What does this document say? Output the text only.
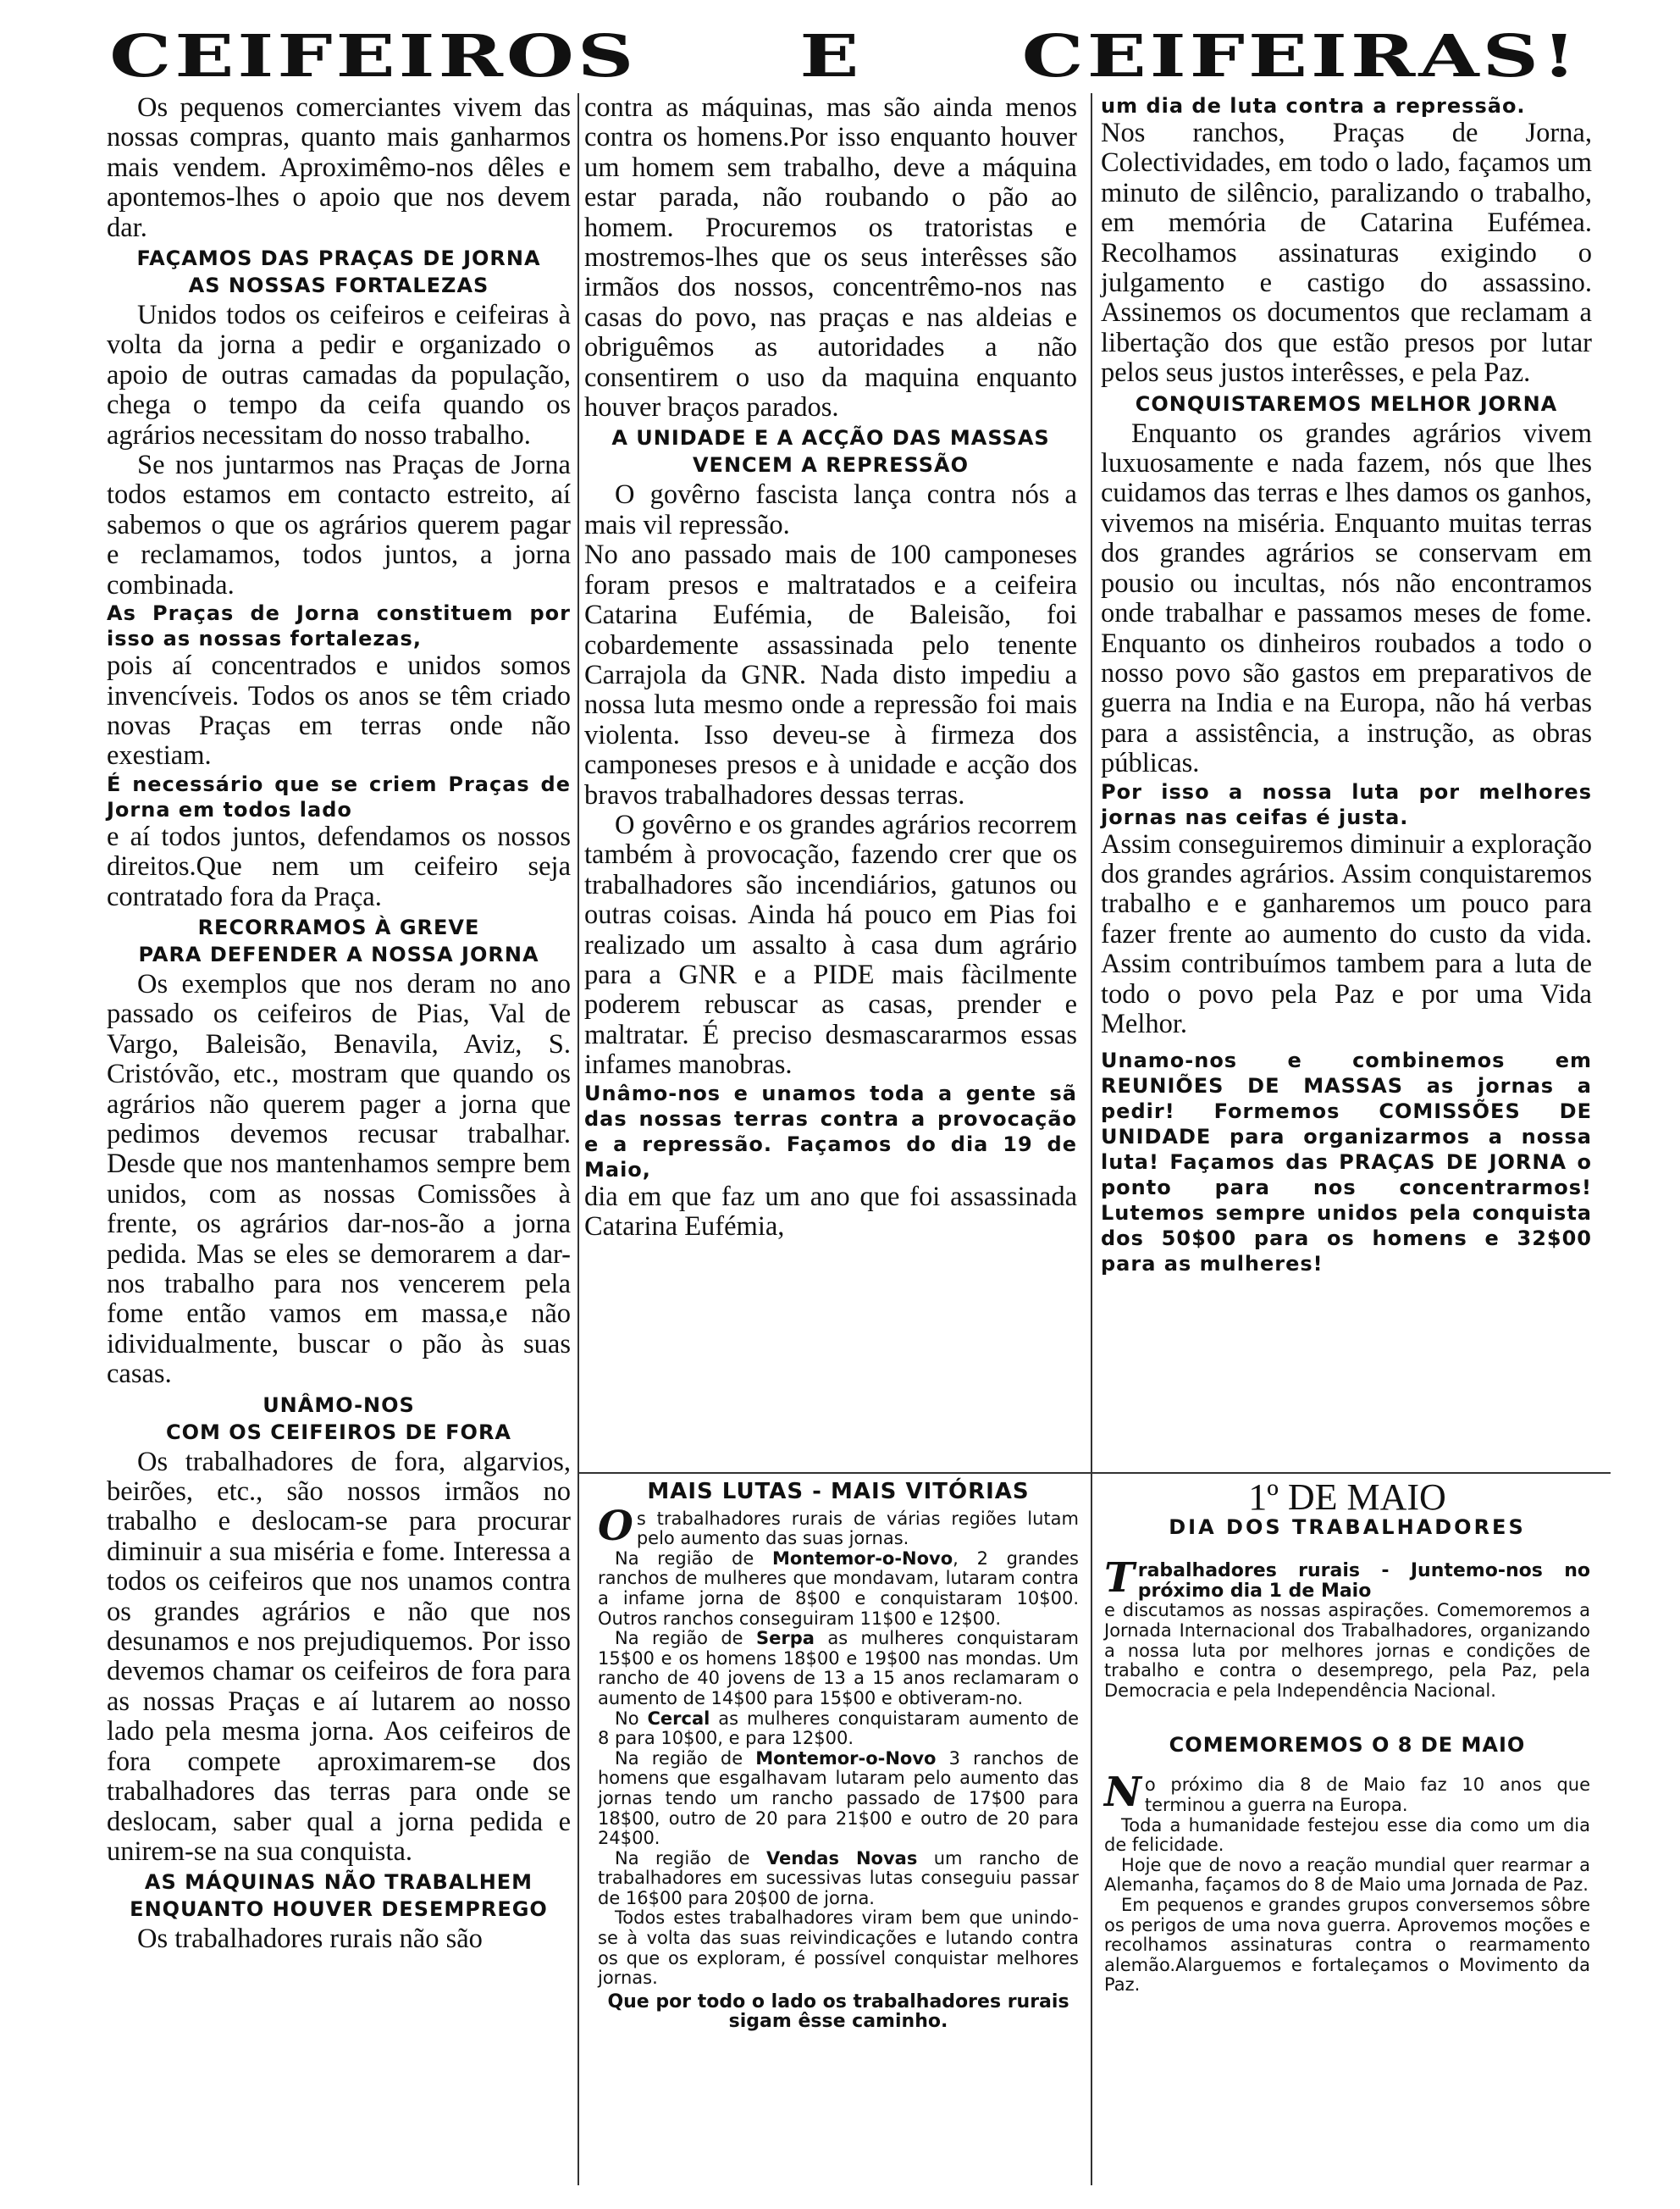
CEIFEIROS	E	CEIFEIRAS!

Os pequenos comerciantes vivem das nossas compras, quanto mais ganharmos mais vendem. Aproximêmo-nos dêles e apontemos-lhes o apoio que nos devem dar.

FAÇAMOS DAS PRAÇAS DE JORNA
AS NOSSAS FORTALEZAS

Unidos todos os ceifeiros e ceifeiras à volta da jorna a pedir e organizado o apoio de outras camadas da população, chega o tempo da ceifa quando os agrários necessitam do nosso trabalho.

Se nos juntarmos nas Praças de Jorna todos estamos em contacto estreito, aí sabemos o que os agrários querem pagar e reclamamos, todos juntos, a jorna combinada.

As Praças de Jorna constituem por isso as nossas fortalezas,

pois aí concentrados e unidos somos invencíveis. Todos os anos se têm criado novas Praças em terras onde não exestiam.

É necessário que se criem Praças de Jorna em todos lado

e aí todos juntos, defendamos os nossos direitos.Que nem um ceifeiro seja contratado fora da Praça.

RECORRAMOS À GREVE
PARA DEFENDER A NOSSA JORNA

Os exemplos que nos deram no ano passado os ceifeiros de Pias, Val de Vargo, Baleisão, Benavila, Aviz, S. Cristóvão, etc., mostram que quando os agrários não querem pager a jorna que pedimos devemos recusar trabalhar. Desde que nos mantenhamos sempre bem unidos, com as nossas Comissões à frente, os agrários dar-nos-ão a jorna pedida. Mas se eles se demorarem a dar-nos trabalho para nos vencerem pela fome então vamos em massa,e não idividualmente, buscar o pão às suas casas.

UNÂMO-NOS
COM OS CEIFEIROS DE FORA

Os trabalhadores de fora, algarvios, beirões, etc., são nossos irmãos no trabalho e deslocam-se para procurar diminuir a sua miséria e fome. Interessa a todos os ceifeiros que nos unamos contra os grandes agrários e não que nos desunamos e nos prejudiquemos. Por isso devemos chamar os ceifeiros de fora para as nossas Praças e aí lutarem ao nosso lado pela mesma jorna. Aos ceifeiros de fora compete aproximarem-se dos trabalhadores das terras para onde se deslocam, saber qual a jorna pedida e unirem-se na sua conquista.

AS MÁQUINAS NÃO TRABALHEM
ENQUANTO HOUVER DESEMPREGO

Os trabalhadores rurais não são

contra as máquinas, mas são ainda menos contra os homens.Por isso enquanto houver um homem sem trabalho, deve a máquina estar parada, não roubando o pão ao homem. Procuremos os tratoristas e mostremos-lhes que os seus interêsses são irmãos dos nossos, concentrêmo-nos nas casas do povo, nas praças e nas aldeias e obriguêmos as autoridades a não consentirem o uso da maquina enquanto houver braços parados.

A UNIDADE E A ACÇÃO DAS MASSAS
VENCEM A REPRESSÃO

O govêrno fascista lança contra nós a mais vil repressão.

No ano passado mais de 100 camponeses foram presos e maltratados e a ceifeira Catarina Eufémia, de Baleisão, foi cobardemente assassinada pelo tenente Carrajola da GNR. Nada disto impediu a nossa luta mesmo onde a repressão foi mais violenta. Isso deveu-se à firmeza dos camponeses presos e à unidade e acção dos bravos trabalhadores dessas terras.

O govêrno e os grandes agrários recorrem também à provocação, fazendo crer que os trabalhadores são incendiários, gatunos ou outras coisas. Ainda há pouco em Pias foi realizado um assalto à casa dum agrário para a GNR e a PIDE mais fàcilmente poderem rebuscar as casas, prender e maltratar. É preciso desmascararmos essas infames manobras.

Unâmo-nos e unamos toda a gente sã das nossas terras contra a provocação e a repressão. Façamos do dia 19 de Maio,

dia em que faz um ano que foi assassinada Catarina Eufémia,

um dia de luta contra a repressão.

Nos ranchos, Praças de Jorna, Colectividades, em todo o lado, façamos um minuto de silêncio, paralizando o trabalho, em memória de Catarina Eufémea. Recolhamos assinaturas exigindo o julgamento e castigo do assassino. Assinemos os documentos que reclamam a libertação dos que estão presos por lutar pelos seus justos interêsses, e pela Paz.

CONQUISTAREMOS MELHOR JORNA

Enquanto os grandes agrários vivem luxuosamente e nada fazem, nós que lhes cuidamos das terras e lhes damos os ganhos, vivemos na miséria. Enquanto muitas terras dos grandes agrários se conservam em pousio ou incultas, nós não encontramos onde trabalhar e passamos meses de fome. Enquanto os dinheiros roubados a todo o nosso povo são gastos em preparativos de guerra na India e na Europa, não há verbas para a assistência, a instrução, as obras públicas.

Por isso a nossa luta por melhores jornas nas ceifas é justa.

Assim conseguiremos diminuir a exploração dos grandes agrários. Assim conquistaremos trabalho e e ganharemos um pouco para fazer frente ao aumento do custo da vida. Assim contribuímos tambem para a luta de todo o povo pela Paz e por uma Vida Melhor.

Unamo-nos e combinemos em REUNIÕES DE MASSAS as jornas a pedir! Formemos COMISSÕES DE UNIDADE para organizarmos a nossa luta! Façamos das PRAÇAS DE JORNA o ponto para nos concentrarmos! Lutemos sempre unidos pela conquista dos 50$00 para os homens e 32$00 para as mulheres!
MAIS LUTAS - MAIS VITÓRIAS

Os trabalhadores rurais de várias regiões lutam pelo aumento das suas jornas.

Na região de Montemor-o-Novo, 2 grandes ranchos de mulheres que mondavam, lutaram contra a infame jorna de 8$00 e conquistaram 10$00. Outros ranchos conseguiram 11$00 e 12$00.

Na região de Serpa as mulheres conquistaram 15$00 e os homens 18$00 e 19$00 nas mondas. Um rancho de 40 jovens de 13 a 15 anos reclamaram o aumento de 14$00 para 15$00 e obtiveram-no.

No Cercal as mulheres conquistaram aumento de 8 para 10$00, e para 12$00.

Na região de Montemor-o-Novo 3 ranchos de homens que esgalhavam lutaram pelo aumento das jornas tendo um rancho passado de 17$00 para 18$00, outro de 20 para 21$00 e outro de 20 para 24$00.

Na região de Vendas Novas um rancho de trabalhadores em sucessivas lutas conseguiu passar de 16$00 para 20$00 de jorna.

Todos estes trabalhadores viram bem que unindo-se à volta das suas reivindicações e lutando contra os que os exploram, é possível conquistar melhores jornas.

Que por todo o lado os trabalhadores rurais sigam êsse caminho.
1º DE MAIO
DIA DOS TRABALHADORES

Trabalhadores rurais - Juntemo-nos no próximo dia 1 de Maio

e discutamos as nossas aspirações. Comemoremos a Jornada Internacional dos Trabalhadores, organizando a nossa luta por melhores jornas e condições de trabalho e contra o desemprego, pela Paz, pela Democracia e pela Independência Nacional.

COMEMOREMOS O 8 DE MAIO

No próximo dia 8 de Maio faz 10 anos que terminou a guerra na Europa.

Toda a humanidade festejou esse dia como um dia de felicidade.

Hoje que de novo a reação mundial quer rearmar a Alemanha, façamos do 8 de Maio uma Jornada de Paz.

Em pequenos e grandes grupos conversemos sôbre os perigos de uma nova guerra. Aprovemos moções e recolhamos assinaturas contra o rearmamento alemão.Alarguemos e fortaleçamos o Movimento da Paz.
